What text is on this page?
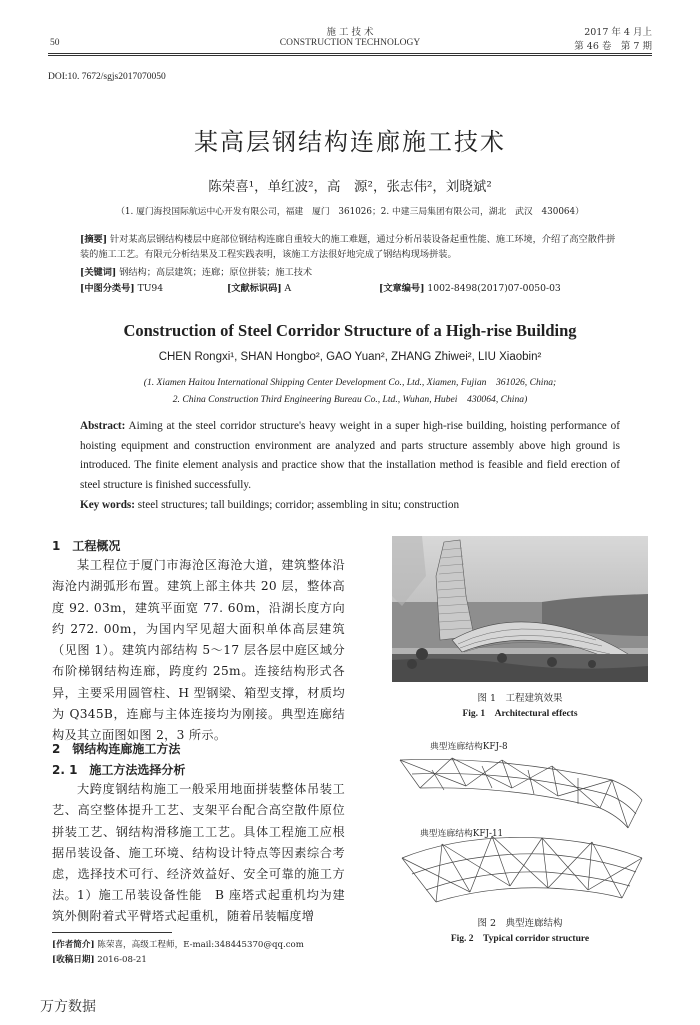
施 工 技 术
CONSTRUCTION TECHNOLOGY
50
2017 年 4 月上
第 46 卷　第 7 期
DOI:10. 7672/sgjs2017070050
某高层钢结构连廊施工技术
陈荣喜¹，单红波²，高　源²，张志伟²，刘晓斌²
（1. 厦门海投国际航运中心开发有限公司，福建　厦门　361026；2. 中建三局集团有限公司，湖北　武汉　430064）
[摘要] 针对某高层钢结构楼层中庭部位钢结构连廊自重较大的施工难题，通过分析吊装设备起重性能、施工环境，介绍了高空散件拼装的施工工艺。有限元分析结果及工程实践表明，该施工方法很好地完成了钢结构现场拼装。
[关键词] 钢结构；高层建筑；连廊；原位拼装；施工技术
[中图分类号] TU94	[文献标识码] A	[文章编号] 1002-8498(2017)07-0050-03
Construction of Steel Corridor Structure of a High-rise Building
CHEN Rongxi¹, SHAN Hongbo², GAO Yuan², ZHANG Zhiwei², LIU Xiaobin²
(1. Xiamen Haitou International Shipping Center Development Co., Ltd., Xiamen, Fujian　361026, China;
2. China Construction Third Engineering Bureau Co., Ltd., Wuhan, Hubei　430064, China)
Abstract: Aiming at the steel corridor structure's heavy weight in a super high-rise building, hoisting performance of hoisting equipment and construction environment are analyzed and parts structure assembly above high ground is introduced. The finite element analysis and practice show that the installation method is feasible and field erection of steel structure is finished successfully.
Key words: steel structures; tall buildings; corridor; assembling in situ; construction
1　工程概况
某工程位于厦门市海沧区海沧大道，建筑整体沿海沧内湖弧形布置。建筑上部主体共 20 层，整体高度 92. 03m，建筑平面宽 77. 60m，沿湖长度方向约 272. 00m，为国内罕见超大面积单体高层建筑（见图 1）。建筑内部结构 5～17 层各层中庭区域分布阶梯钢结构连廊，跨度约 25m。连接结构形式各异，主要采用圆管柱、H 型钢梁、箱型支撑，材质均为 Q345B，连廊与主体连接均为刚接。典型连廊结构及其立面图如图 2，3 所示。
2　钢结构连廊施工方法
2. 1　施工方法选择分析
大跨度钢结构施工一般采用地面拼装整体吊装工艺、高空整体提升工艺、支架平台配合高空散件原位拼装工艺、钢结构滑移施工工艺。具体工程施工应根据吊装设备、施工环境、结构设计特点等因素综合考虑，选择技术可行、经济效益好、安全可靠的施工方法。 1）施工吊装设备性能　B 座塔式起重机均为建筑外侧附着式平臂塔式起重机，随着吊装幅度增
[作者简介] 陈荣喜，高级工程师，E-mail:348445370@qq.com
[收稿日期] 2016-08-21
图 1　工程建筑效果
Fig. 1　Architectural effects
典型连廊结构KFJ-8
典型连廊结构KFJ-11
图 2　典型连廊结构
Fig. 2　Typical corridor structure
万方数据
